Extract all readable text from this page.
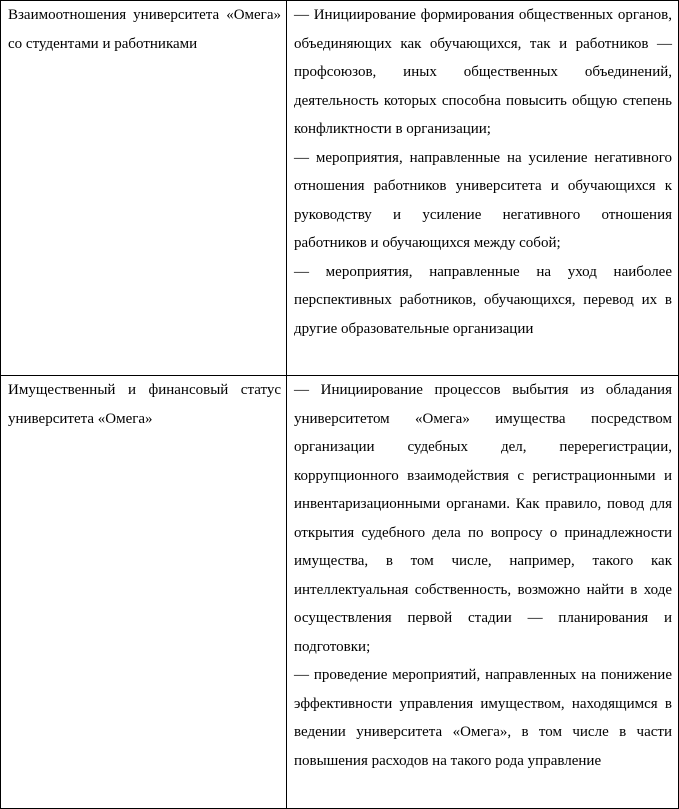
Взаимоотношения университета «Омега» со студентами и работниками	— Инициирование формирования общественных органов, объединяющих как обучающихся, так и работников — профсоюзов, иных общественных объединений, деятельность которых способна повысить общую степень конфликтности в организации;

— мероприятия, направленные на усиление негативного отношения работников университета и обучающихся к руководству и усиление негативного отношения работников и обучающихся между собой;

— мероприятия, направленные на уход наиболее перспективных работников, обучающихся, перевод их в другие образовательные организации

Имущественный и финансовый статус университета «Омега»	— Инициирование процессов выбытия из обладания университетом «Омега» имущества посредством организации судебных дел, перерегистрации, коррупционного взаимодействия с регистрационными и инвентаризационными органами. Как правило, повод для открытия судебного дела по вопросу о принадлежности имущества, в том числе, например, такого как интеллектуальная собственность, возможно найти в ходе осуществления первой стадии — планирования и подготовки;

— проведение мероприятий, направленных на понижение эффективности управления имуществом, находящимся в ведении университета «Омега», в том числе в части повышения расходов на такого рода управление
